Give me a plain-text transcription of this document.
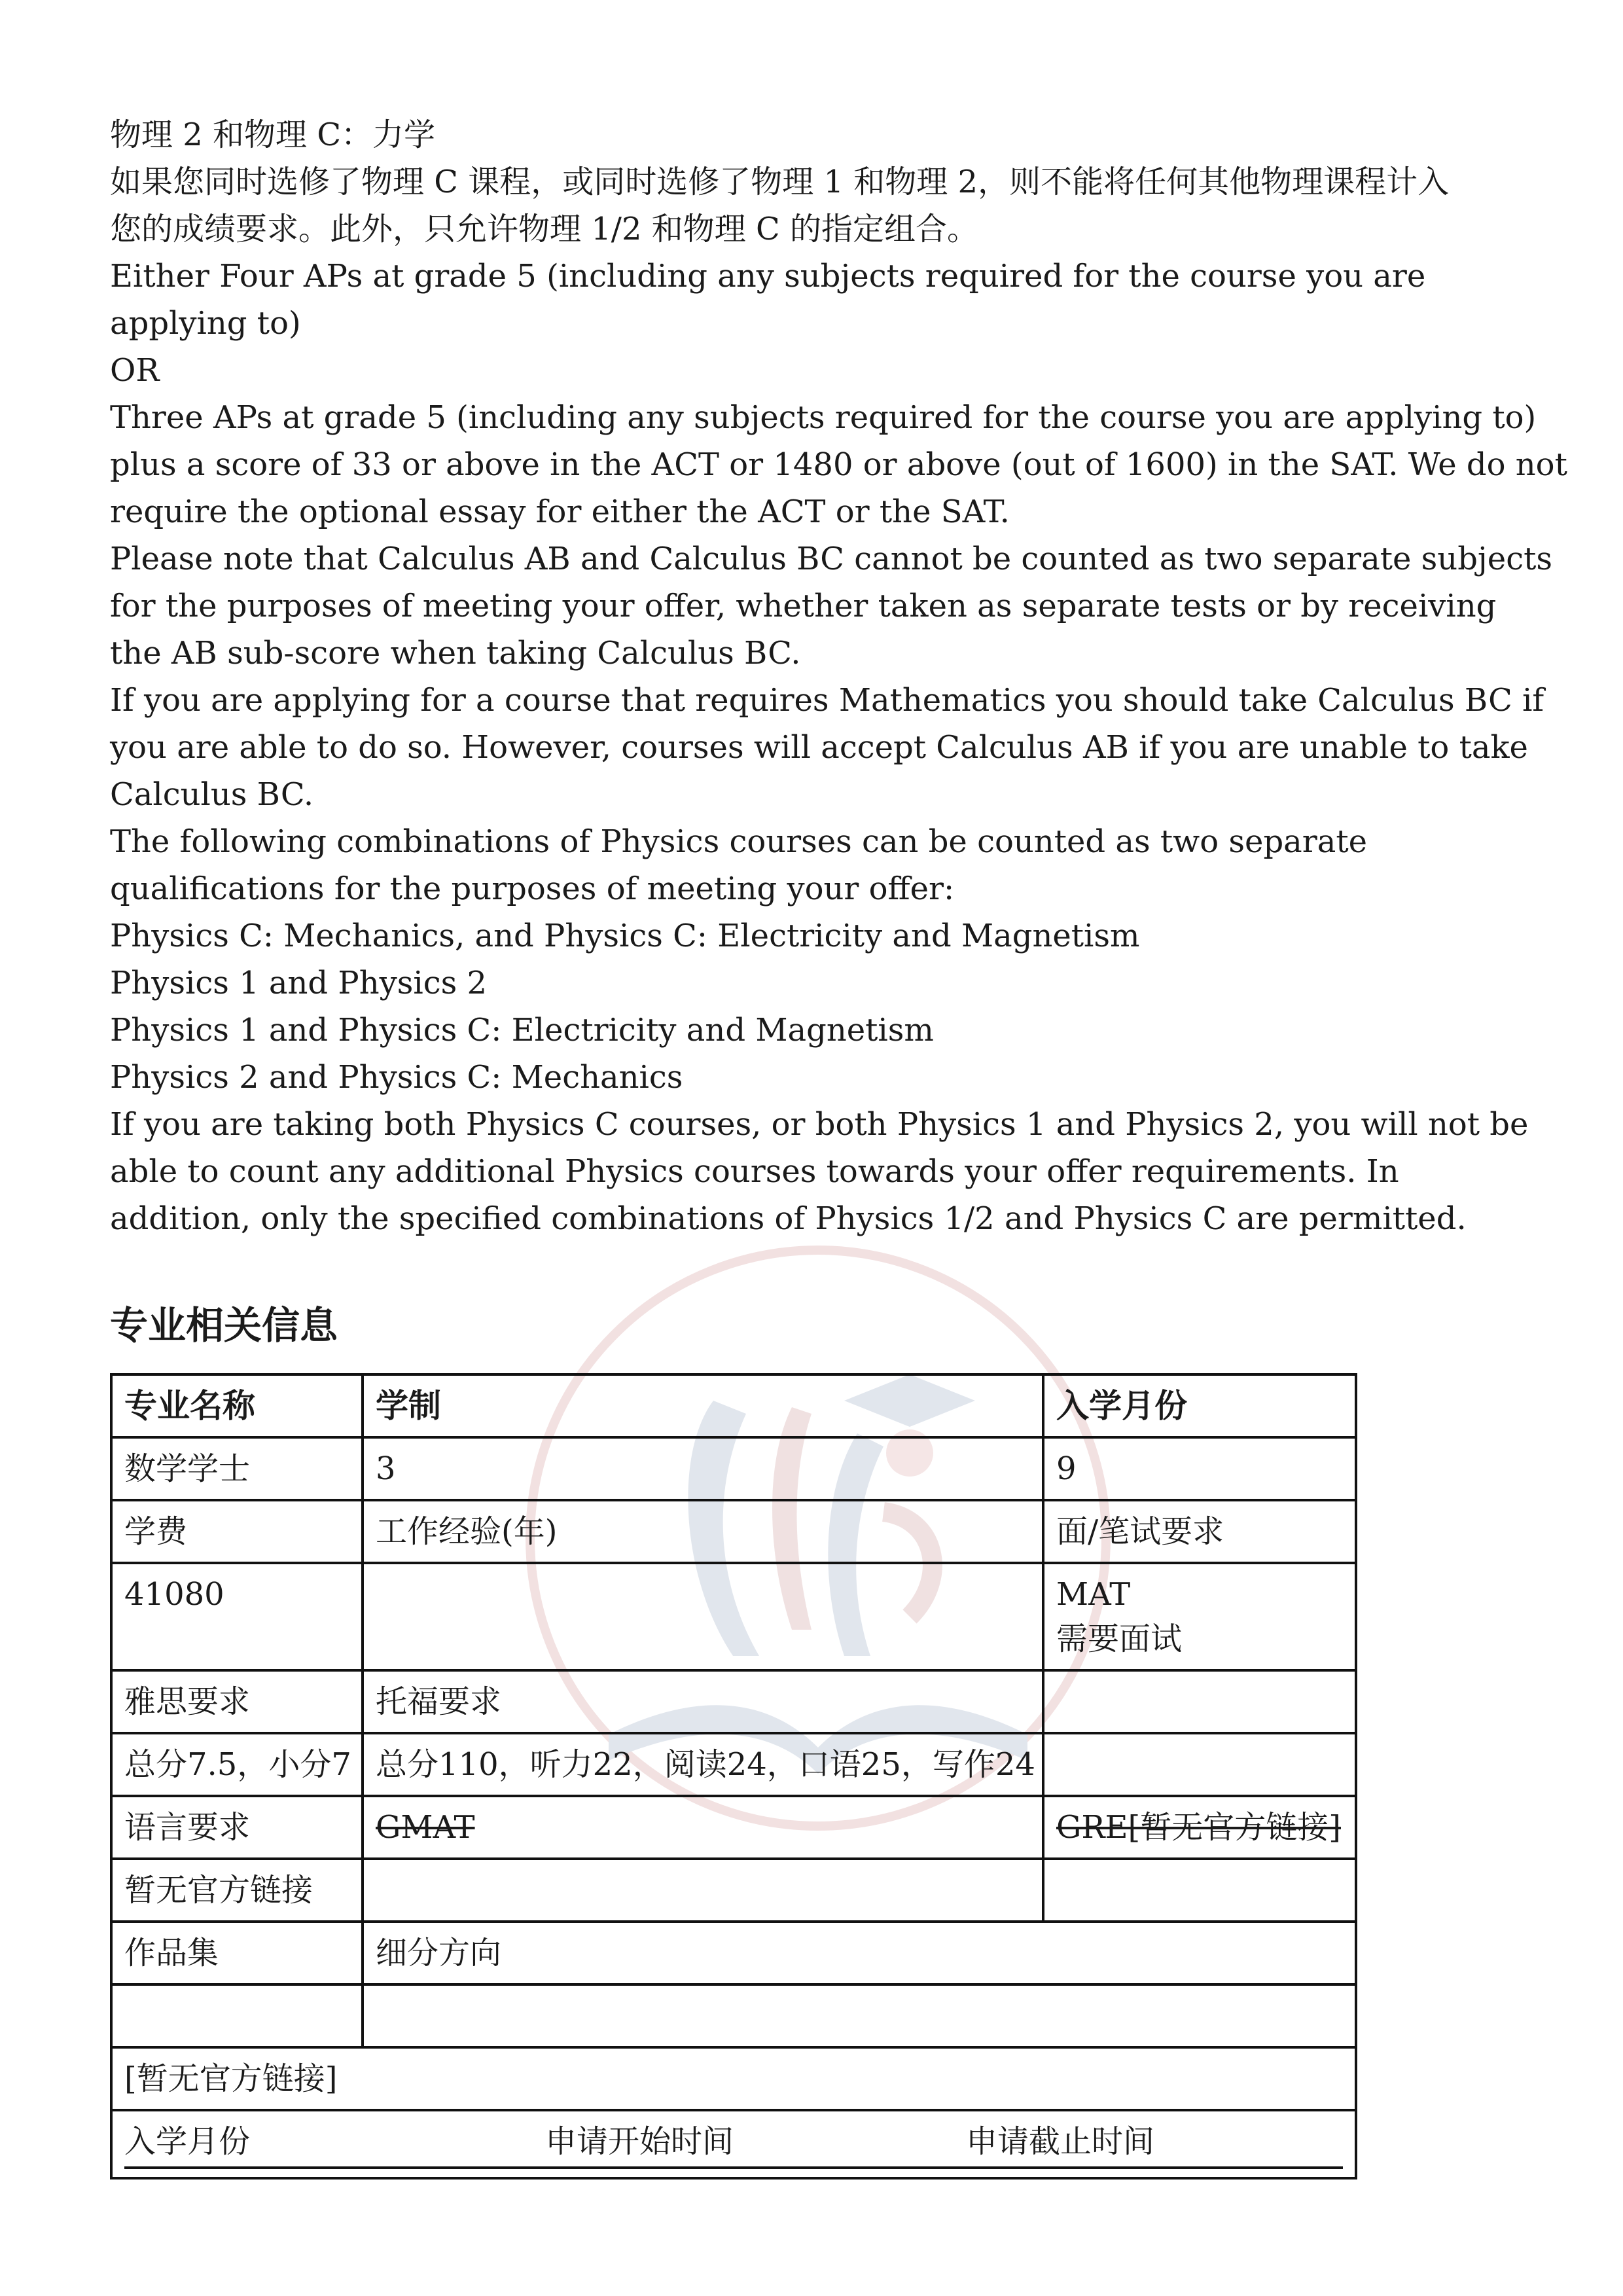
物理 2 和物理 C：力学
如果您同时选修了物理 C 课程，或同时选修了物理 1 和物理 2，则不能将任何其他物理课程计入
您的成绩要求。此外，只允许物理 1/2 和物理 C 的指定组合。
Either Four APs at grade 5 (including any subjects required for the course you are
applying to)
OR
Three APs at grade 5 (including any subjects required for the course you are applying to)
plus a score of 33 or above in the ACT or 1480 or above (out of 1600) in the SAT. We do not
require the optional essay for either the ACT or the SAT.
Please note that Calculus AB and Calculus BC cannot be counted as two separate subjects
for the purposes of meeting your offer, whether taken as separate tests or by receiving
the AB sub-score when taking Calculus BC.
If you are applying for a course that requires Mathematics you should take Calculus BC if
you are able to do so. However, courses will accept Calculus AB if you are unable to take
Calculus BC.
The following combinations of Physics courses can be counted as two separate
qualifications for the purposes of meeting your offer:
Physics C: Mechanics, and Physics C: Electricity and Magnetism
Physics 1 and Physics 2
Physics 1 and Physics C: Electricity and Magnetism
Physics 2 and Physics C: Mechanics
If you are taking both Physics C courses, or both Physics 1 and Physics 2, you will not be
able to count any additional Physics courses towards your offer requirements. In
addition, only the specified combinations of Physics 1/2 and Physics C are permitted.
专业相关信息
专业名称	学制	入学月份
数学学士	3	9
学费	工作经验(年)	面/笔试要求
41080		MAT
需要面试

雅思要求	托福要求	
总分7.5，小分7	总分110，听力22，阅读24，口语25，写作24	
语言要求	GMAT	GRE[暂无官方链接]
暂无官方链接		
作品集	细分方向	

[暂无官方链接]		

入学月份 申请开始时间 申请截止时间		
